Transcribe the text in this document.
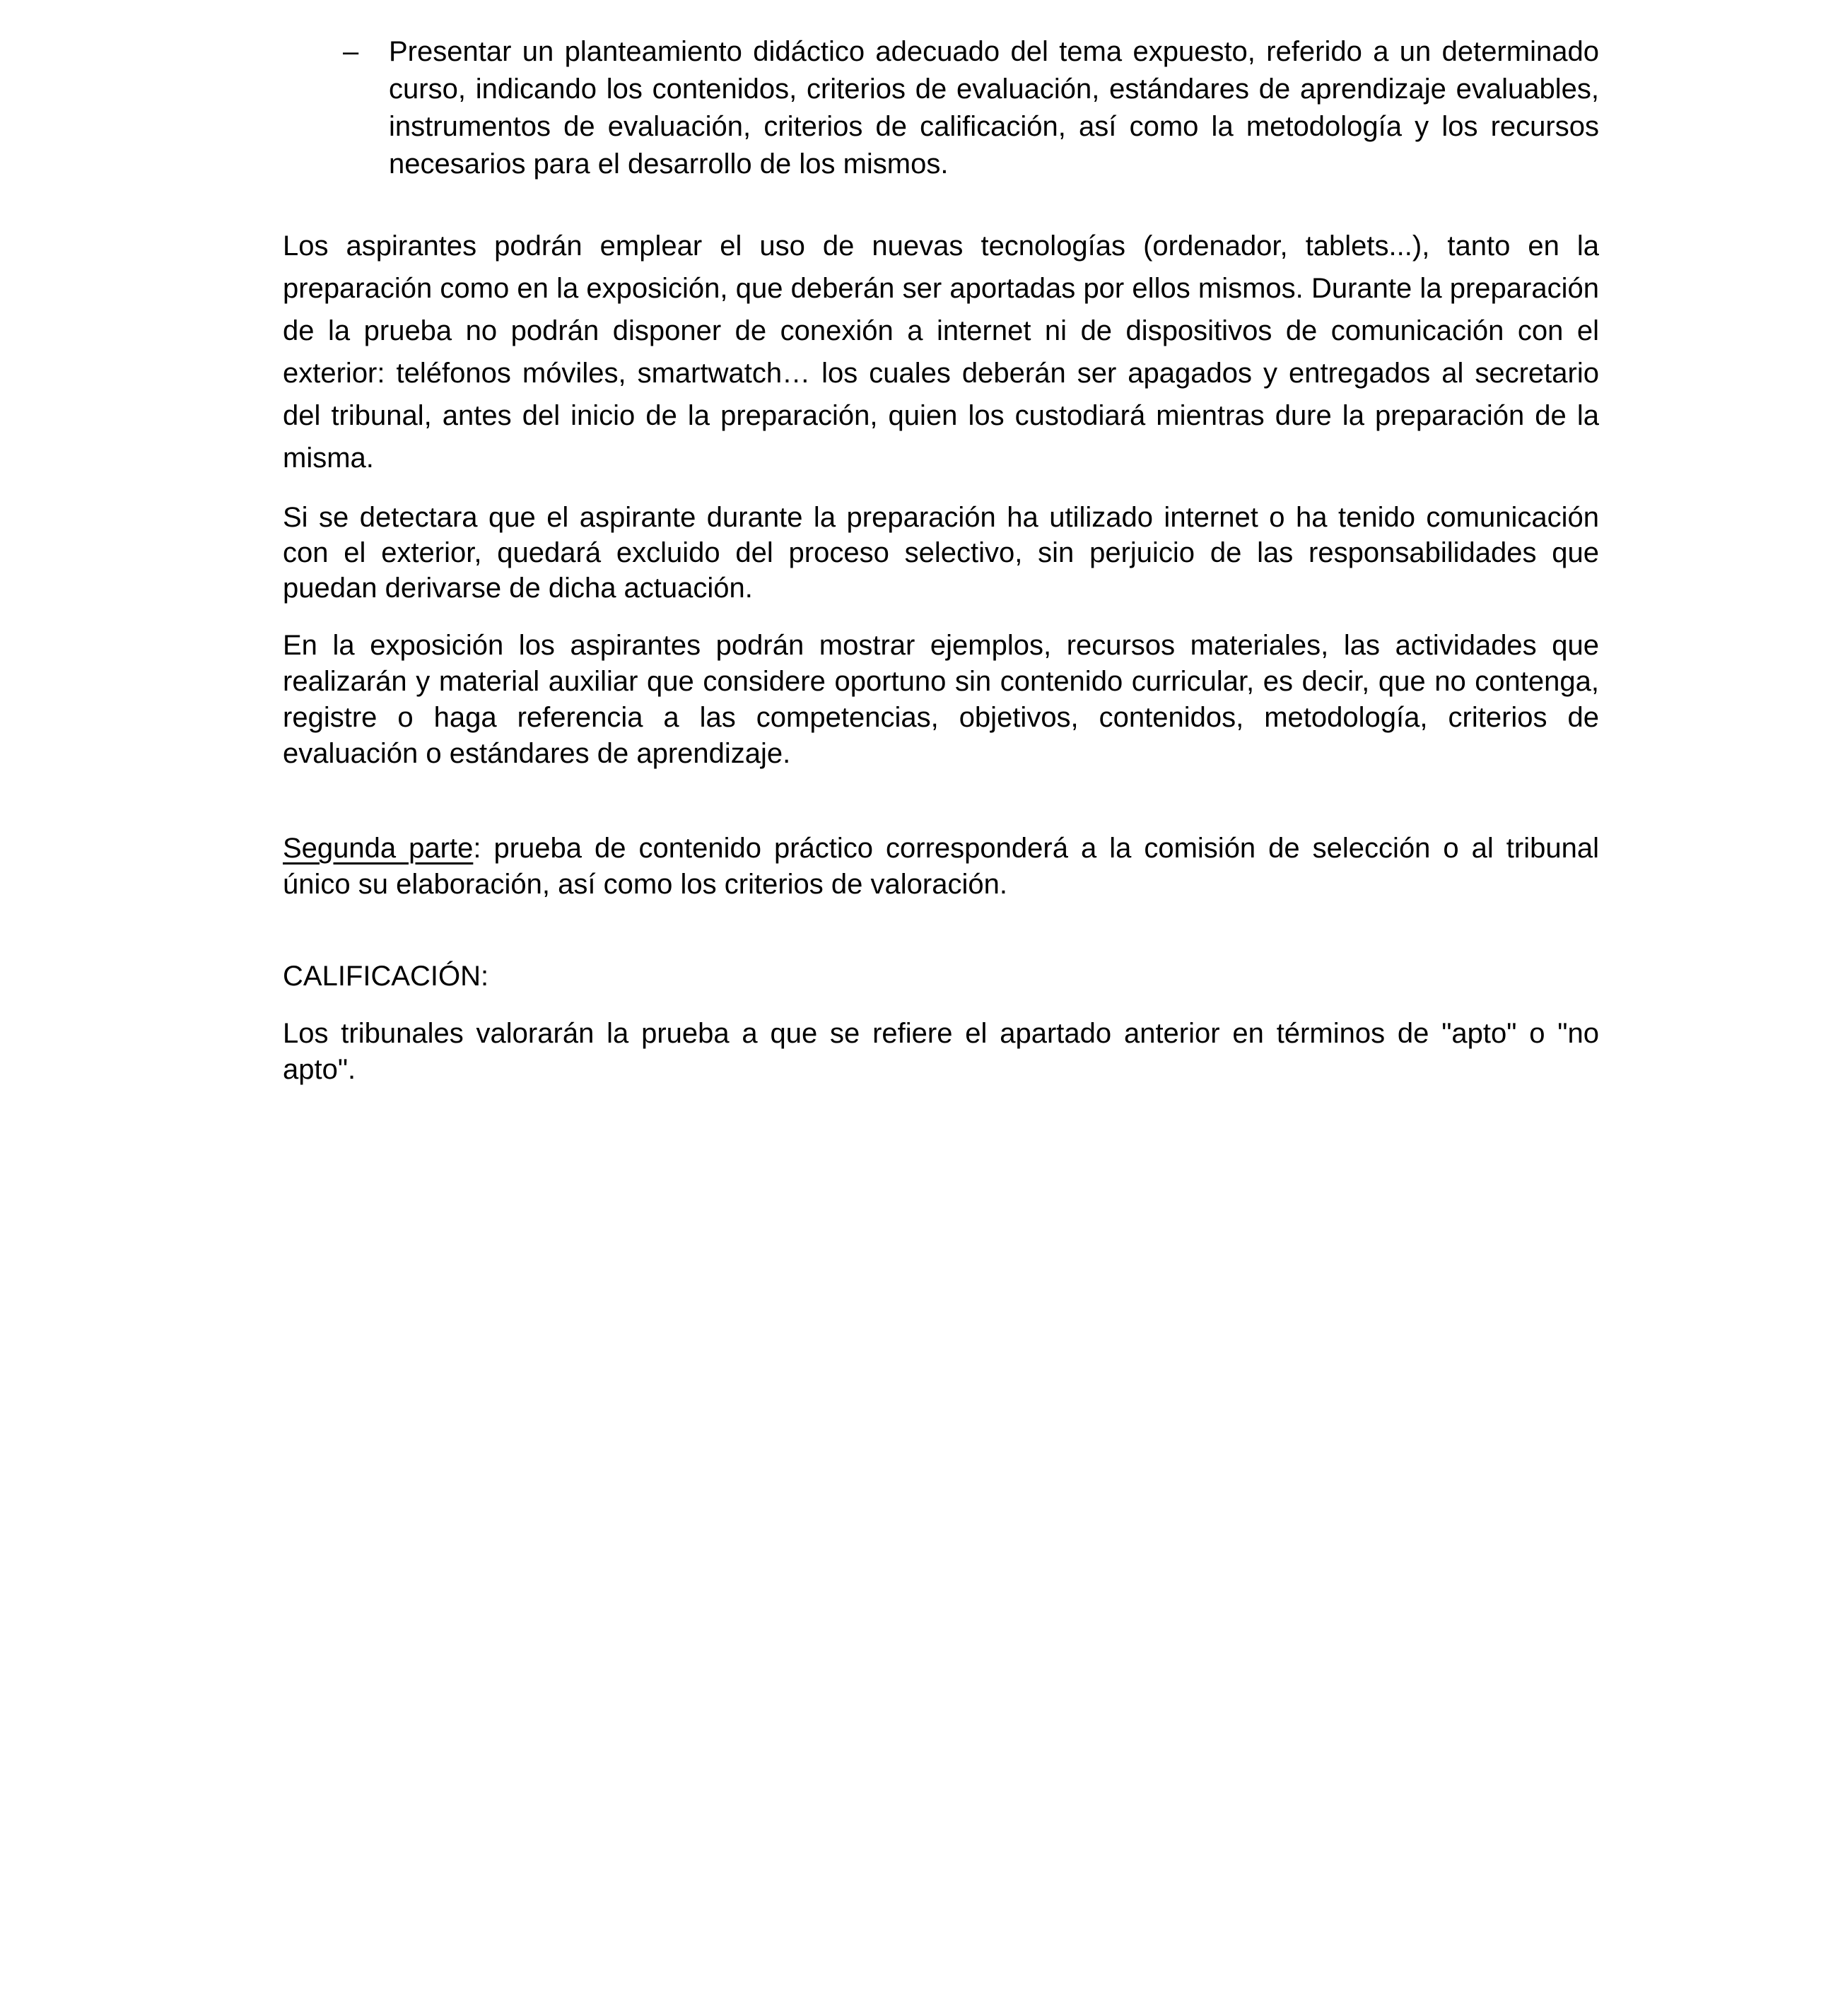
–	Presentar un planteamiento didáctico adecuado del tema expuesto, referido a un determinado curso, indicando los contenidos, criterios de evaluación, estándares de aprendizaje evaluables, instrumentos de evaluación, criterios de calificación, así como la metodología y los recursos necesarios para el desarrollo de los mismos.

Los aspirantes podrán emplear el uso de nuevas tecnologías (ordenador, tablets...), tanto en la preparación como en la exposición, que deberán ser aportadas por ellos mismos. Durante la preparación de la prueba no podrán disponer de conexión a internet ni de dispositivos de comunicación con el exterior: teléfonos móviles, smartwatch… los cuales deberán ser apagados y entregados al secretario del tribunal, antes del inicio de la preparación, quien los custodiará mientras dure la preparación de la misma.

Si se detectara que el aspirante durante la preparación ha utilizado internet o ha tenido comunicación con el exterior, quedará excluido del proceso selectivo, sin perjuicio de las responsabilidades que puedan derivarse de dicha actuación.

En la exposición los aspirantes podrán mostrar ejemplos, recursos materiales, las actividades que realizarán y material auxiliar que considere oportuno sin contenido curricular, es decir, que no contenga, registre o haga referencia a las competencias, objetivos, contenidos, metodología, criterios de evaluación o estándares de aprendizaje.

Segunda parte: prueba de contenido práctico corresponderá a la comisión de selección o al tribunal único su elaboración, así como los criterios de valoración.

CALIFICACIÓN:

Los tribunales valorarán la prueba a que se refiere el apartado anterior en términos de "apto" o "no apto".
